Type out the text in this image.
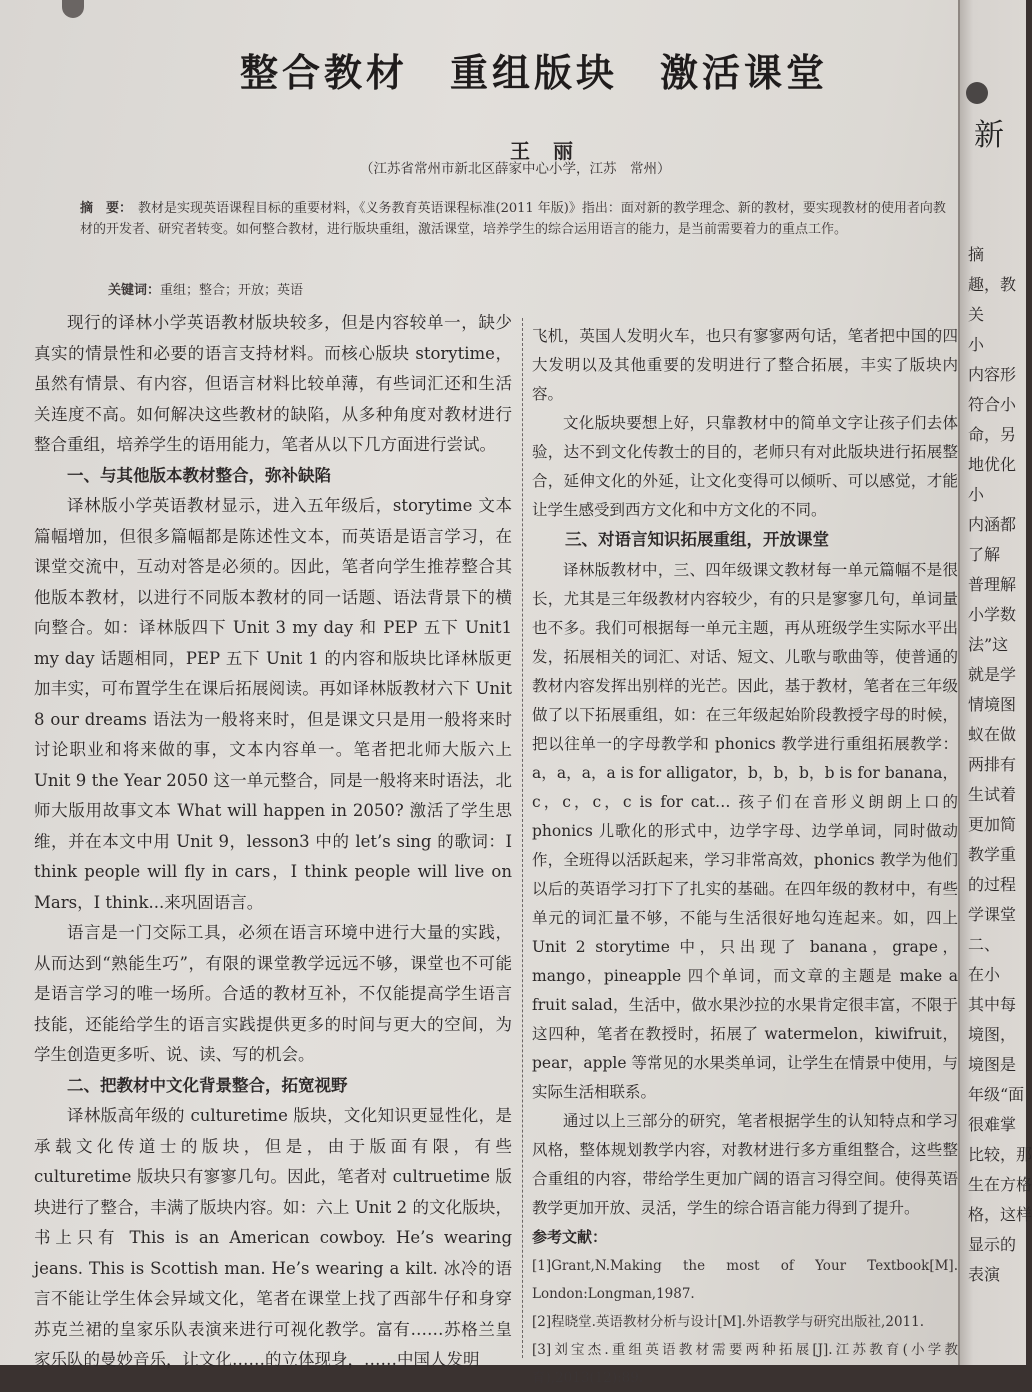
整合教材　重组版块　激活课堂
王 丽
（江苏省常州市新北区薛家中心小学，江苏　常州）
摘　要： 教材是实现英语课程目标的重要材料，《义务教育英语课程标准(2011 年版)》指出：面对新的教学理念、新的教材，要实现教材的使用者向教材的开发者、研究者转变。如何整合教材，进行版块重组，激活课堂，培养学生的综合运用语言的能力，是当前需要着力的重点工作。
关键词：重组；整合；开放；英语

现行的译林小学英语教材版块较多，但是内容较单一，缺少真实的情景性和必要的语言支持材料。而核心版块 storytime，虽然有情景、有内容，但语言材料比较单薄，有些词汇还和生活关连度不高。如何解决这些教材的缺陷，从多种角度对教材进行整合重组，培养学生的语用能力，笔者从以下几方面进行尝试。

一、与其他版本教材整合，弥补缺陷

译林版小学英语教材显示，进入五年级后，storytime 文本篇幅增加，但很多篇幅都是陈述性文本，而英语是语言学习，在课堂交流中，互动对答是必须的。因此，笔者向学生推荐整合其他版本教材，以进行不同版本教材的同一话题、语法背景下的横向整合。如：译林版四下 Unit 3 my day 和 PEP 五下 Unit1 my day 话题相同，PEP 五下 Unit 1 的内容和版块比译林版更加丰实，可布置学生在课后拓展阅读。再如译林版教材六下 Unit 8 our dreams 语法为一般将来时，但是课文只是用一般将来时讨论职业和将来做的事，文本内容单一。笔者把北师大版六上 Unit 9 the Year 2050 这一单元整合，同是一般将来时语法，北师大版用故事文本 What will happen in 2050? 激活了学生思维，并在本文中用 Unit 9，lesson3 中的 let’s sing 的歌词：I think people will fly in cars，I think people will live on Mars，I think...来巩固语言。

语言是一门交际工具，必须在语言环境中进行大量的实践，从而达到“熟能生巧”，有限的课堂教学远远不够，课堂也不可能是语言学习的唯一场所。合适的教材互补，不仅能提高学生语言技能，还能给学生的语言实践提供更多的时间与更大的空间，为学生创造更多听、说、读、写的机会。

二、把教材中文化背景整合，拓宽视野

译林版高年级的 culturetime 版块，文化知识更显性化，是承载文化传道士的版块，但是，由于版面有限，有些 culturetime 版块只有寥寥几句。因此，笔者对 cultruetime 版块进行了整合，丰满了版块内容。如：六上 Unit 2 的文化版块，书上只有 This is an American cowboy. He’s wearing jeans. This is Scottish man. He’s wearing a kilt. 冰冷的语言不能让学生体会异域文化，笔者在课堂上找了西部牛仔和身穿苏克兰裙的皇家乐队表演来进行可视化教学。富有……苏格兰皇家乐队的曼妙音乐，让文化……的立体现身，……中国人发明

飞机，英国人发明火车，也只有寥寥两句话，笔者把中国的四大发明以及其他重要的发明进行了整合拓展，丰实了版块内容。

文化版块要想上好，只靠教材中的简单文字让孩子们去体验，达不到文化传教士的目的，老师只有对此版块进行拓展整合，延伸文化的外延，让文化变得可以倾听、可以感觉，才能让学生感受到西方文化和中方文化的不同。

三、对语言知识拓展重组，开放课堂

译林版教材中，三、四年级课文教材每一单元篇幅不是很长，尤其是三年级教材内容较少，有的只是寥寥几句，单词量也不多。我们可根据每一单元主题，再从班级学生实际水平出发，拓展相关的词汇、对话、短文、儿歌与歌曲等，使普通的教材内容发挥出别样的光芒。因此，基于教材，笔者在三年级做了以下拓展重组，如：在三年级起始阶段教授字母的时候，把以往单一的字母教学和 phonics 教学进行重组拓展教学：a，a，a，a is for alligator，b，b，b，b is for banana，c，c，c，c is for cat… 孩子们在音形义朗朗上口的 phonics 儿歌化的形式中，边学字母、边学单词，同时做动作，全班得以活跃起来，学习非常高效，phonics 教学为他们以后的英语学习打下了扎实的基础。在四年级的教材中，有些单元的词汇量不够，不能与生活很好地勾连起来。如，四上 Unit 2 storytime 中，只出现了 banana，grape，mango，pineapple 四个单词，而文章的主题是 make a fruit salad，生活中，做水果沙拉的水果肯定很丰富，不限于这四种，笔者在教授时，拓展了 watermelon，kiwifruit，pear，apple 等常见的水果类单词，让学生在情景中使用，与实际生活相联系。

通过以上三部分的研究，笔者根据学生的认知特点和学习风格，整体规划教学内容，对教材进行多方重组整合，这些整合重组的内容，带给学生更加广阔的语言习得空间。使得英语教学更加开放、灵活，学生的综合语言能力得到了提升。

参考文献：

[1]Grant,N.Making the most of Your Textbook[M]. London:Longman,1987.

[2]程晓堂.英语教材分析与设计[M].外语教学与研究出版社,2011.

[3]刘宝杰.重组英语教材需要两种拓展[J].江苏教育(小学教育),2013(12):89.

新
摘
趣，教
关
小
内容形
符合小
命，另
地优化
小
内涵都
了解
普理解
小学数
法”这
就是学
情境图
蚁在做
两排有
生试着
更加简
教学重
的过程
学课堂
二、
在小
其中每
境图，
境图是
年级“面
很难掌
比较，那
生在方格
格，这样
显示的
表演
